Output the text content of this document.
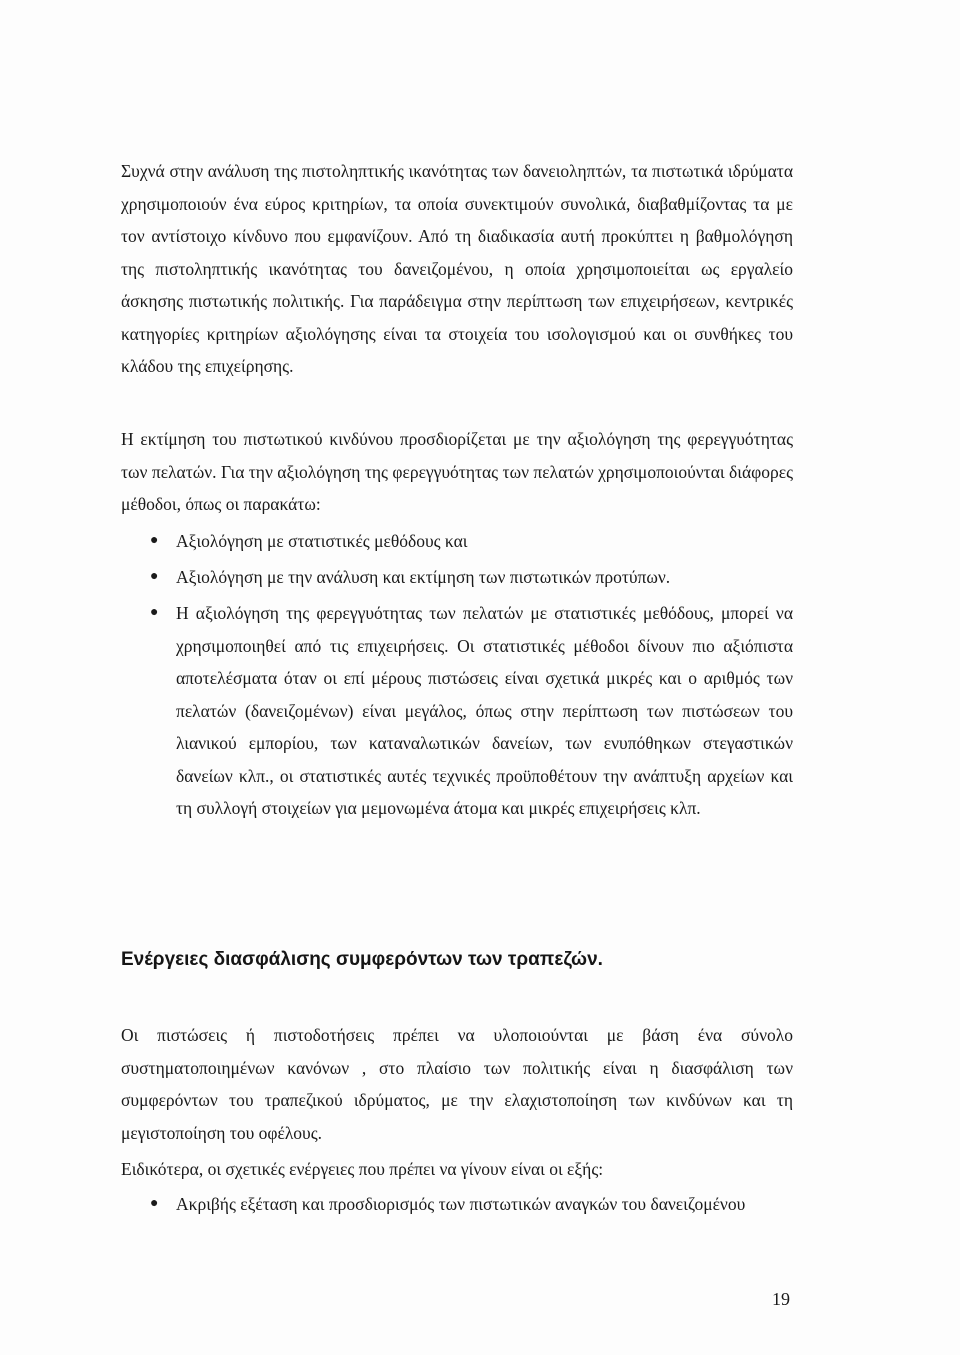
Συχνά στην ανάλυση της πιστοληπτικής ικανότητας των δανειοληπτών, τα πιστωτικά ιδρύματα χρησιμοποιούν ένα εύρος κριτηρίων, τα οποία συνεκτιμούν συνολικά, διαβαθμίζοντας τα με τον αντίστοιχο κίνδυνο που εμφανίζουν. Από τη διαδικασία αυτή προκύπτει η βαθμολόγηση της πιστοληπτικής ικανότητας του δανειζομένου, η οποία χρησιμοποιείται ως εργαλείο άσκησης πιστωτικής πολιτικής. Για παράδειγμα στην περίπτωση των επιχειρήσεων, κεντρικές κατηγορίες κριτηρίων αξιολόγησης είναι τα στοιχεία του ισολογισμού και οι συνθήκες του κλάδου της επιχείρησης.

Η εκτίμηση του πιστωτικού κινδύνου προσδιορίζεται με την αξιολόγηση της φερεγγυότητας των πελατών. Για την αξιολόγηση της φερεγγυότητας των πελατών χρησιμοποιούνται διάφορες μέθοδοι, όπως οι παρακάτω:

● Αξιολόγηση με στατιστικές μεθόδους και
● Αξιολόγηση με την ανάλυση και εκτίμηση των πιστωτικών προτύπων.
● Η αξιολόγηση της φερεγγυότητας των πελατών με στατιστικές μεθόδους, μπορεί να χρησιμοποιηθεί από τις επιχειρήσεις. Οι στατιστικές μέθοδοι δίνουν πιο αξιόπιστα αποτελέσματα όταν οι επί μέρους πιστώσεις είναι σχετικά μικρές και ο αριθμός των πελατών (δανειζομένων) είναι μεγάλος, όπως στην περίπτωση των πιστώσεων του λιανικού εμπορίου, των καταναλωτικών δανείων, των ενυπόθηκων στεγαστικών δανείων κλπ., οι στατιστικές αυτές τεχνικές προϋποθέτουν την ανάπτυξη αρχείων και τη συλλογή στοιχείων για μεμονωμένα άτομα και μικρές επιχειρήσεις κλπ.
Ενέργειες διασφάλισης συμφερόντων των τραπεζών.

Οι πιστώσεις ή πιστοδοτήσεις πρέπει να υλοποιούνται με βάση ένα σύνολο συστηματοποιημένων κανόνων , στο πλαίσιο των πολιτικής είναι η διασφάλιση των συμφερόντων του τραπεζικού ιδρύματος, με την ελαχιστοποίηση των κινδύνων και τη μεγιστοποίηση του οφέλους.

Ειδικότερα, οι σχετικές ενέργειες που πρέπει να γίνουν είναι οι εξής:

● Ακριβής εξέταση και προσδιορισμός των πιστωτικών αναγκών του δανειζομένου
19
